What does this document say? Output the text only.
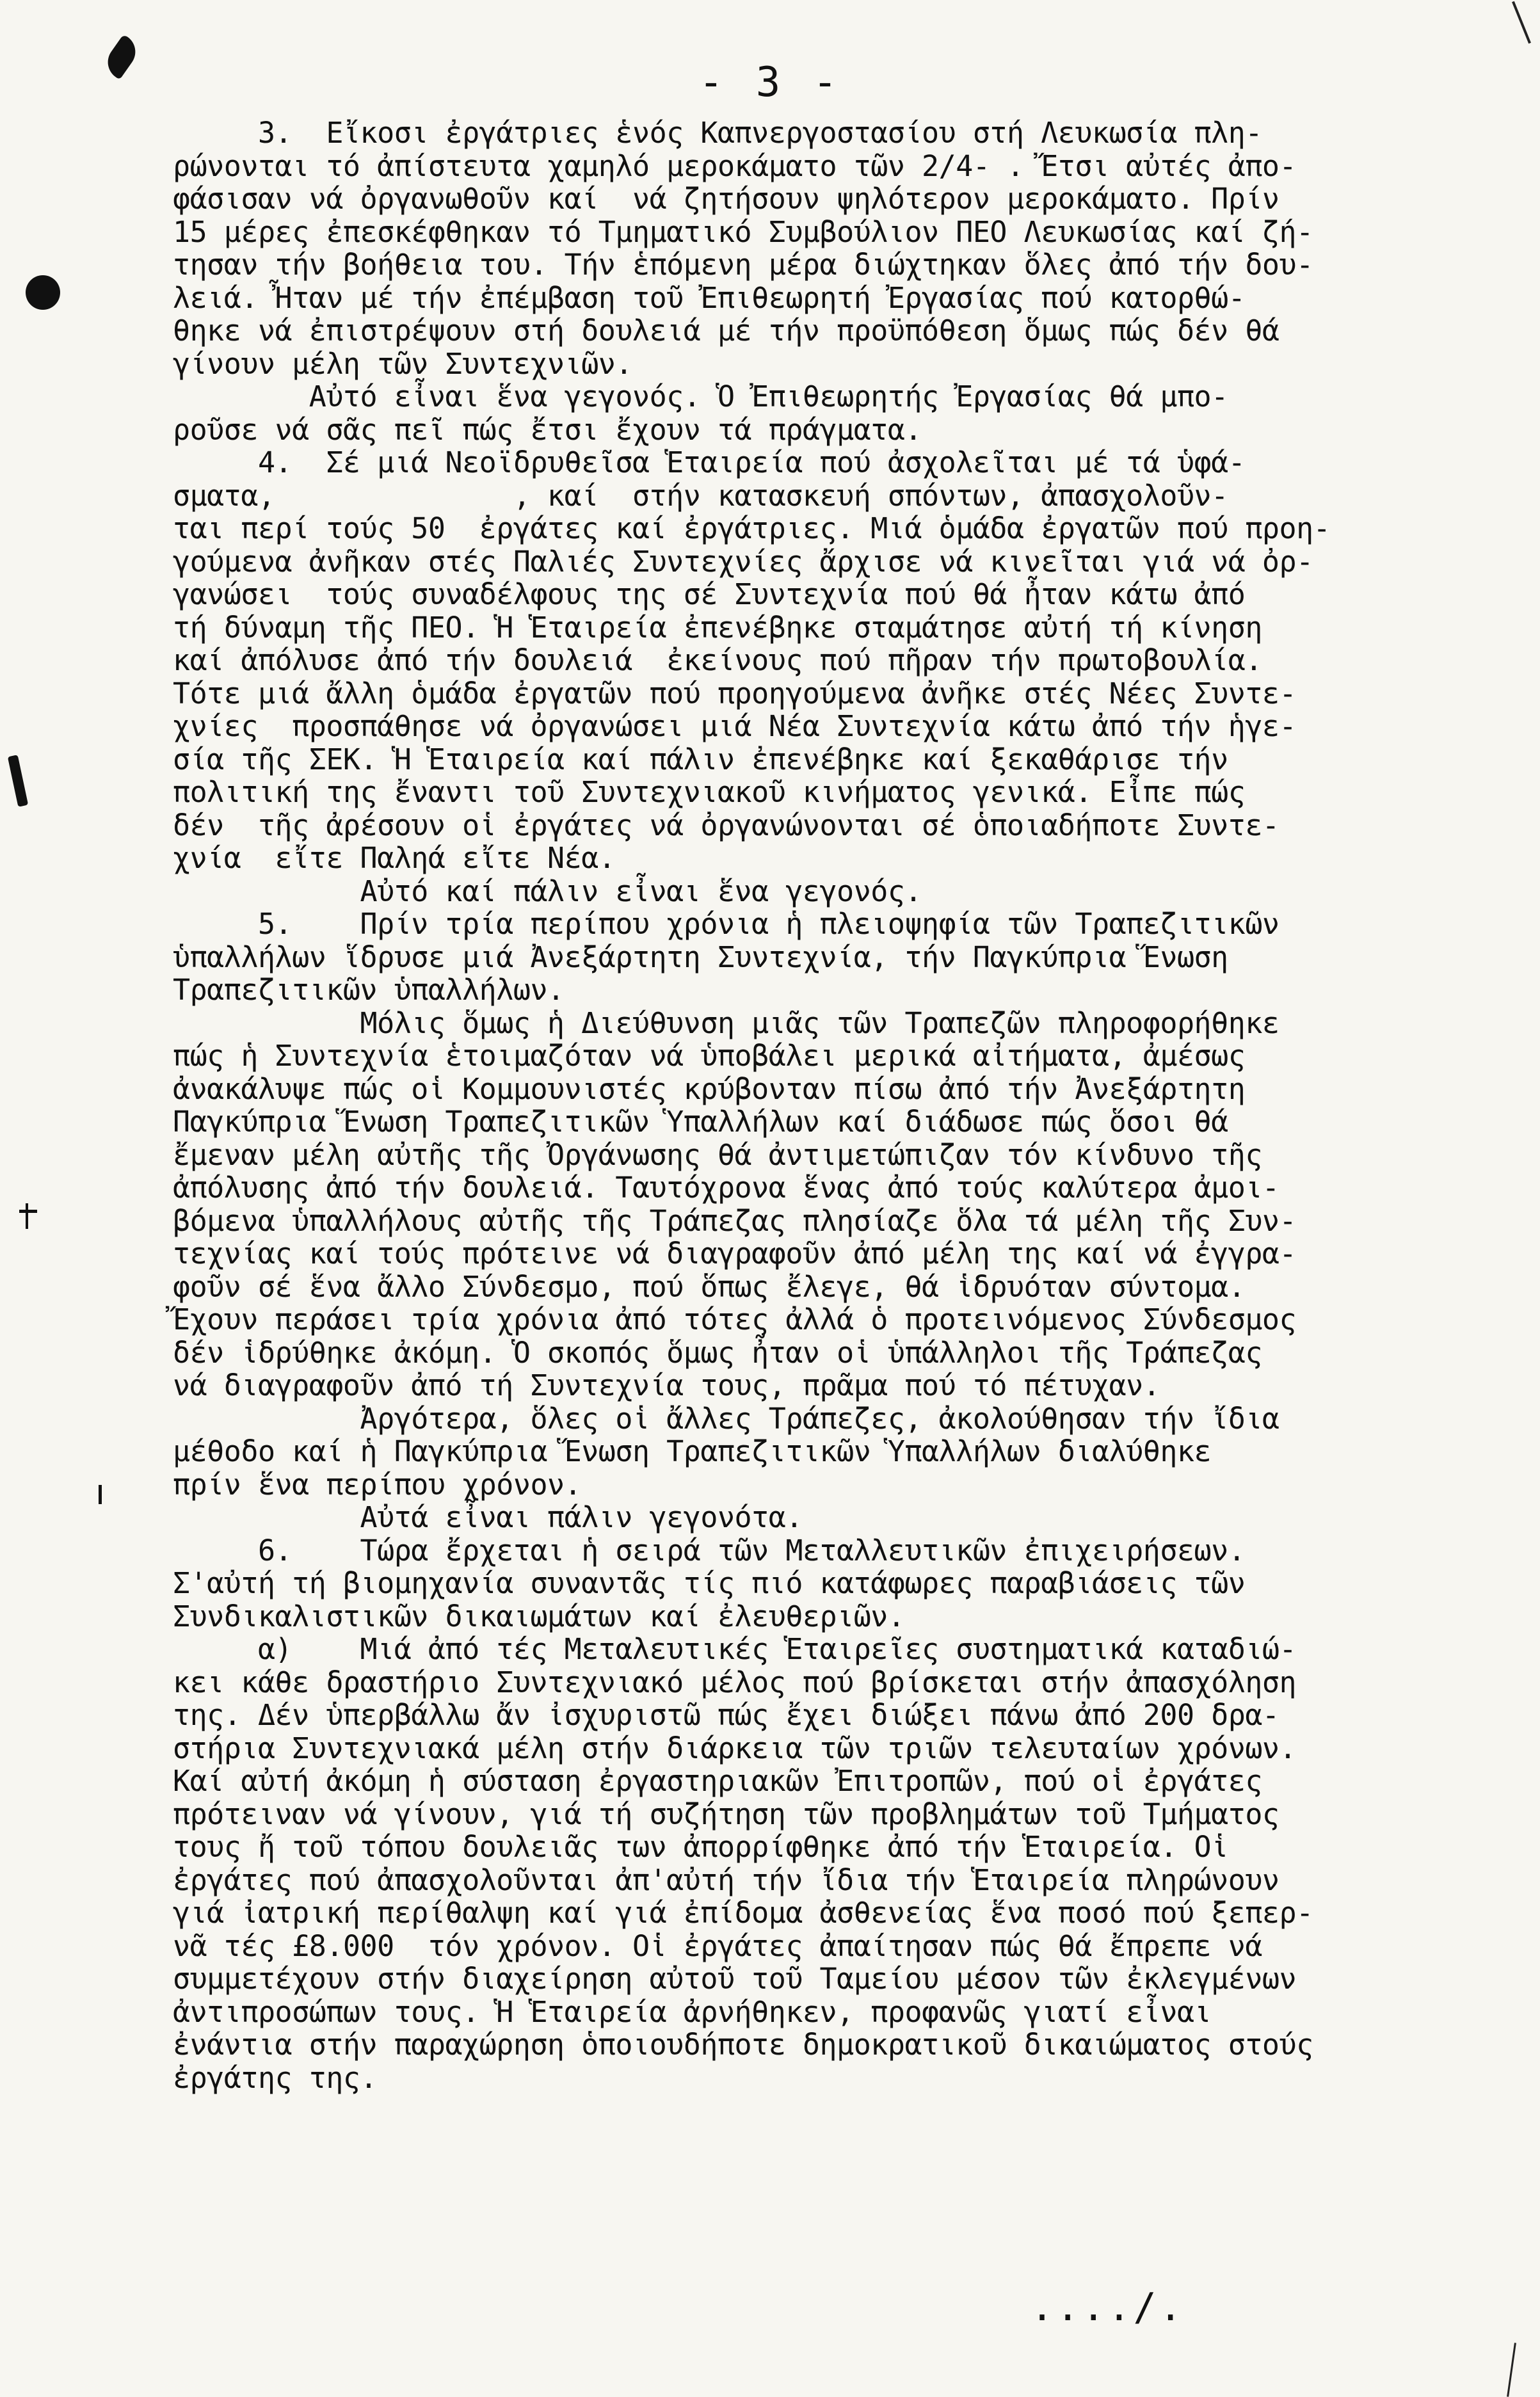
- 3 -
3.  Εἴκοσι ἐργάτριες ἑνός Καπνεργοστασίου στή Λευκωσία πλη-
ρώνονται τό ἀπίστευτα χαμηλό μεροκάματο τῶν 2/4- . Ἔτσι αὐτές ἀπο-
φάσισαν νά ὀργανωθοῦν καί  νά ζητήσουν ψηλότερον μεροκάματο. Πρίν
15 μέρες ἐπεσκέφθηκαν τό Τμηματικό Συμβούλιον ΠΕΟ Λευκωσίας καί ζή-
τησαν τήν βοήθεια του. Τήν ἑπόμενη μέρα διώχτηκαν ὅλες ἀπό τήν δου-
λειά. Ἦταν μέ τήν ἐπέμβαση τοῦ Ἐπιθεωρητή Ἐργασίας πού κατορθώ-
θηκε νά ἐπιστρέψουν στή δουλειά μέ τήν προϋπόθεση ὅμως πώς δέν θά
γίνουν μέλη τῶν Συντεχνιῶν.
Αὐτό εἶναι ἕνα γεγονός. Ὁ Ἐπιθεωρητής Ἐργασίας θά μπο-
ροῦσε νά σᾶς πεῖ πώς ἔτσι ἔχουν τά πράγματα.
4.  Σέ μιά Νεοϊδρυθεῖσα Ἑταιρεία πού ἀσχολεῖται μέ τά ὑφά-
σματα,              , καί  στήν κατασκευή σπόντων, ἀπασχολοῦν-
ται περί τούς 50  ἐργάτες καί ἐργάτριες. Μιά ὁμάδα ἐργατῶν πού προη-
γούμενα ἀνῆκαν στές Παλιές Συντεχνίες ἄρχισε νά κινεῖται γιά νά ὀρ-
γανώσει  τούς συναδέλφους της σέ Συντεχνία πού θά ἦταν κάτω ἀπό
τή δύναμη τῆς ΠΕΟ. Ἡ Ἑταιρεία ἐπενέβηκε σταμάτησε αὐτή τή κίνηση
καί ἀπόλυσε ἀπό τήν δουλειά  ἐκείνους πού πῆραν τήν πρωτοβουλία.
Τότε μιά ἄλλη ὁμάδα ἐργατῶν πού προηγούμενα ἀνῆκε στές Νέες Συντε-
χνίες  προσπάθησε νά ὀργανώσει μιά Νέα Συντεχνία κάτω ἀπό τήν ἡγε-
σία τῆς ΣΕΚ. Ἡ Ἑταιρεία καί πάλιν ἐπενέβηκε καί ξεκαθάρισε τήν
πολιτική της ἔναντι τοῦ Συντεχνιακοῦ κινήματος γενικά. Εἶπε πώς
δέν  τῆς ἀρέσουν οἱ ἐργάτες νά ὀργανώνονται σέ ὁποιαδήποτε Συντε-
χνία  εἴτε Παληά εἴτε Νέα.
Αὐτό καί πάλιν εἶναι ἕνα γεγονός.
5.    Πρίν τρία περίπου χρόνια ἡ πλειοψηφία τῶν Τραπεζιτικῶν
ὑπαλλήλων ἵδρυσε μιά Ἀνεξάρτητη Συντεχνία, τήν Παγκύπρια Ἕνωση
Τραπεζιτικῶν ὑπαλλήλων.
Μόλις ὅμως ἡ Διεύθυνση μιᾶς τῶν Τραπεζῶν πληροφορήθηκε
πώς ἡ Συντεχνία ἑτοιμαζόταν νά ὑποβάλει μερικά αἰτήματα, ἀμέσως
ἀνακάλυψε πώς οἱ Κομμουνιστές κρύβονταν πίσω ἀπό τήν Ἀνεξάρτητη
Παγκύπρια Ἕνωση Τραπεζιτικῶν Ὑπαλλήλων καί διάδωσε πώς ὅσοι θά
ἔμεναν μέλη αὐτῆς τῆς Ὀργάνωσης θά ἀντιμετώπιζαν τόν κίνδυνο τῆς
ἀπόλυσης ἀπό τήν δουλειά. Ταυτόχρονα ἕνας ἀπό τούς καλύτερα ἀμοι-
βόμενα ὑπαλλήλους αὐτῆς τῆς Τράπεζας πλησίαζε ὅλα τά μέλη τῆς Συν-
τεχνίας καί τούς πρότεινε νά διαγραφοῦν ἀπό μέλη της καί νά ἐγγρα-
φοῦν σέ ἕνα ἄλλο Σύνδεσμο, πού ὅπως ἔλεγε, θά ἱδρυόταν σύντομα.
Ἔχουν περάσει τρία χρόνια ἀπό τότες ἀλλά ὁ προτεινόμενος Σύνδεσμος
δέν ἱδρύθηκε ἀκόμη. Ὁ σκοπός ὅμως ἦταν οἱ ὑπάλληλοι τῆς Τράπεζας
νά διαγραφοῦν ἀπό τή Συντεχνία τους, πρᾶμα πού τό πέτυχαν.
Ἀργότερα, ὅλες οἱ ἄλλες Τράπεζες, ἀκολούθησαν τήν ἴδια
μέθοδο καί ἡ Παγκύπρια Ἕνωση Τραπεζιτικῶν Ὑπαλλήλων διαλύθηκε
πρίν ἕνα περίπου χρόνον.
Αὐτά εἶναι πάλιν γεγονότα.
6.    Τώρα ἔρχεται ἡ σειρά τῶν Μεταλλευτικῶν ἐπιχειρήσεων.
Σ'αὐτή τή βιομηχανία συναντᾶς τίς πιό κατάφωρες παραβιάσεις τῶν
Συνδικαλιστικῶν δικαιωμάτων καί ἐλευθεριῶν.
α)    Μιά ἀπό τές Μεταλευτικές Ἑταιρεῖες συστηματικά καταδιώ-
κει κάθε δραστήριο Συντεχνιακό μέλος πού βρίσκεται στήν ἀπασχόληση
της. Δέν ὑπερβάλλω ἄν ἰσχυριστῶ πώς ἔχει διώξει πάνω ἀπό 200 δρα-
στήρια Συντεχνιακά μέλη στήν διάρκεια τῶν τριῶν τελευταίων χρόνων.
Καί αὐτή ἀκόμη ἡ σύσταση ἐργαστηριακῶν Ἐπιτροπῶν, πού οἱ ἐργάτες
πρότειναν νά γίνουν, γιά τή συζήτηση τῶν προβλημάτων τοῦ Τμήματος
τους ἤ τοῦ τόπου δουλειᾶς των ἀπορρίφθηκε ἀπό τήν Ἑταιρεία. Οἱ
ἐργάτες πού ἀπασχολοῦνται ἀπ'αὐτή τήν ἴδια τήν Ἑταιρεία πληρώνουν
γιά ἰατρική περίθαλψη καί γιά ἐπίδομα ἀσθενείας ἕνα ποσό πού ξεπερ-
νᾶ τές £8.000  τόν χρόνον. Οἱ ἐργάτες ἀπαίτησαν πώς θά ἔπρεπε νά
συμμετέχουν στήν διαχείρηση αὐτοῦ τοῦ Ταμείου μέσον τῶν ἐκλεγμένων
ἀντιπροσώπων τους. Ἡ Ἑταιρεία ἀρνήθηκεν, προφανῶς γιατί εἶναι
ἐνάντια στήν παραχώρηση ὁποιουδήποτε δημοκρατικοῦ δικαιώματος στούς
ἐργάτης της.
..../.
